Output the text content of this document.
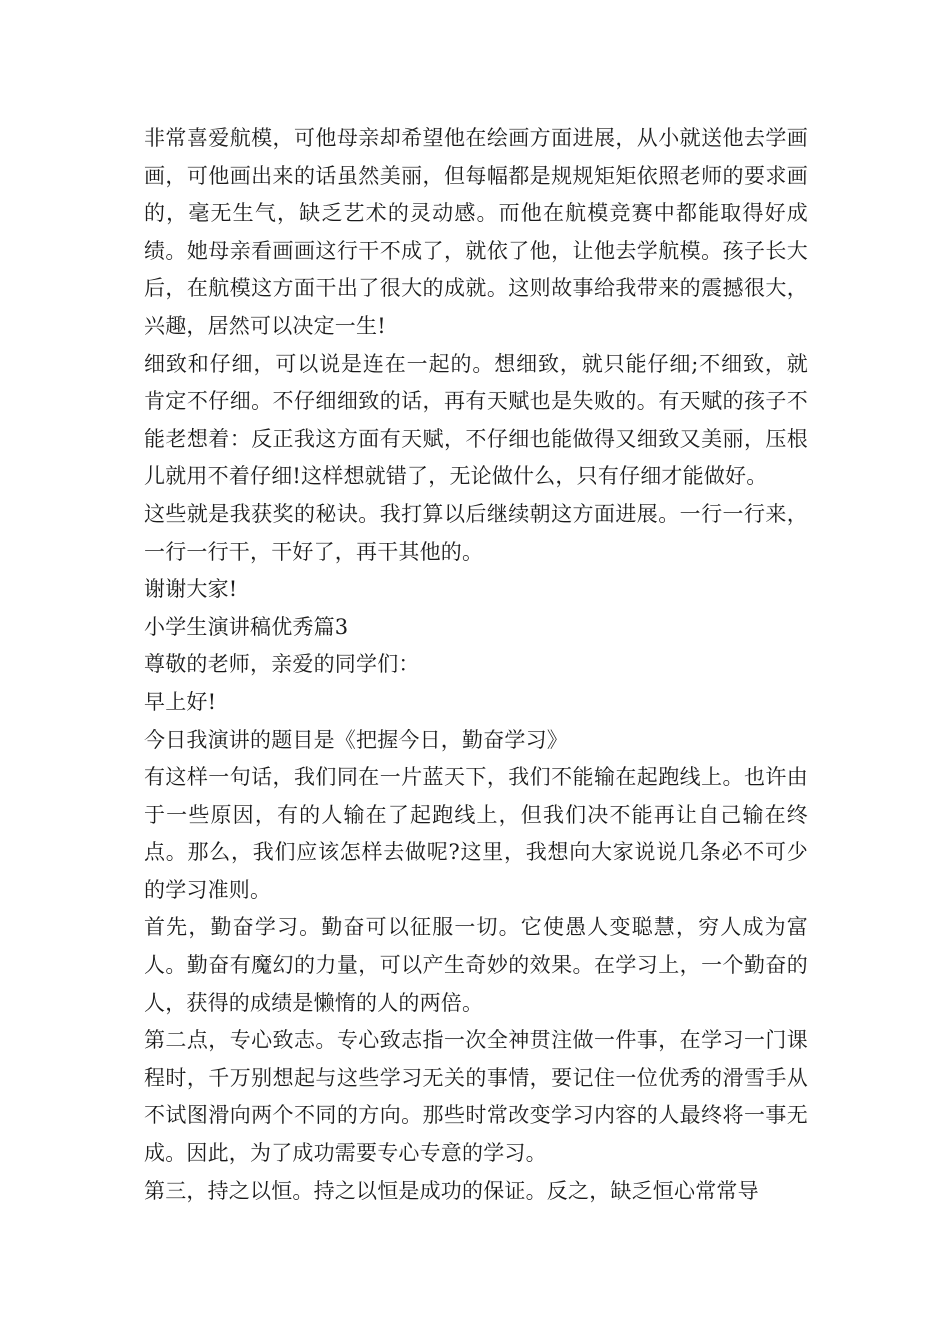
非常喜爱航模，可他母亲却希望他在绘画方面进展，从小就送他去学画画，可他画出来的话虽然美丽，但每幅都是规规矩矩依照老师的要求画的，毫无生气，缺乏艺术的灵动感。而他在航模竞赛中都能取得好成绩。她母亲看画画这行干不成了，就依了他，让他去学航模。孩子长大后，在航模这方面干出了很大的成就。这则故事给我带来的震撼很大，兴趣，居然可以决定一生!

细致和仔细，可以说是连在一起的。想细致，就只能仔细;不细致，就肯定不仔细。不仔细细致的话，再有天赋也是失败的。有天赋的孩子不能老想着：反正我这方面有天赋，不仔细也能做得又细致又美丽，压根儿就用不着仔细!这样想就错了，无论做什么，只有仔细才能做好。

这些就是我获奖的秘诀。我打算以后继续朝这方面进展。一行一行来，一行一行干，干好了，再干其他的。

谢谢大家!

小学生演讲稿优秀篇3

尊敬的老师，亲爱的同学们：

早上好!

今日我演讲的题目是《把握今日，勤奋学习》

有这样一句话，我们同在一片蓝天下，我们不能输在起跑线上。也许由于一些原因，有的人输在了起跑线上，但我们决不能再让自己输在终点。那么，我们应该怎样去做呢?这里，我想向大家说说几条必不可少的学习准则。

首先，勤奋学习。勤奋可以征服一切。它使愚人变聪慧，穷人成为富人。勤奋有魔幻的力量，可以产生奇妙的效果。在学习上，一个勤奋的人，获得的成绩是懒惰的人的两倍。

第二点，专心致志。专心致志指一次全神贯注做一件事，在学习一门课程时，千万别想起与这些学习无关的事情，要记住一位优秀的滑雪手从不试图滑向两个不同的方向。那些时常改变学习内容的人最终将一事无成。因此，为了成功需要专心专意的学习。

第三，持之以恒。持之以恒是成功的保证。反之，缺乏恒心常常导
